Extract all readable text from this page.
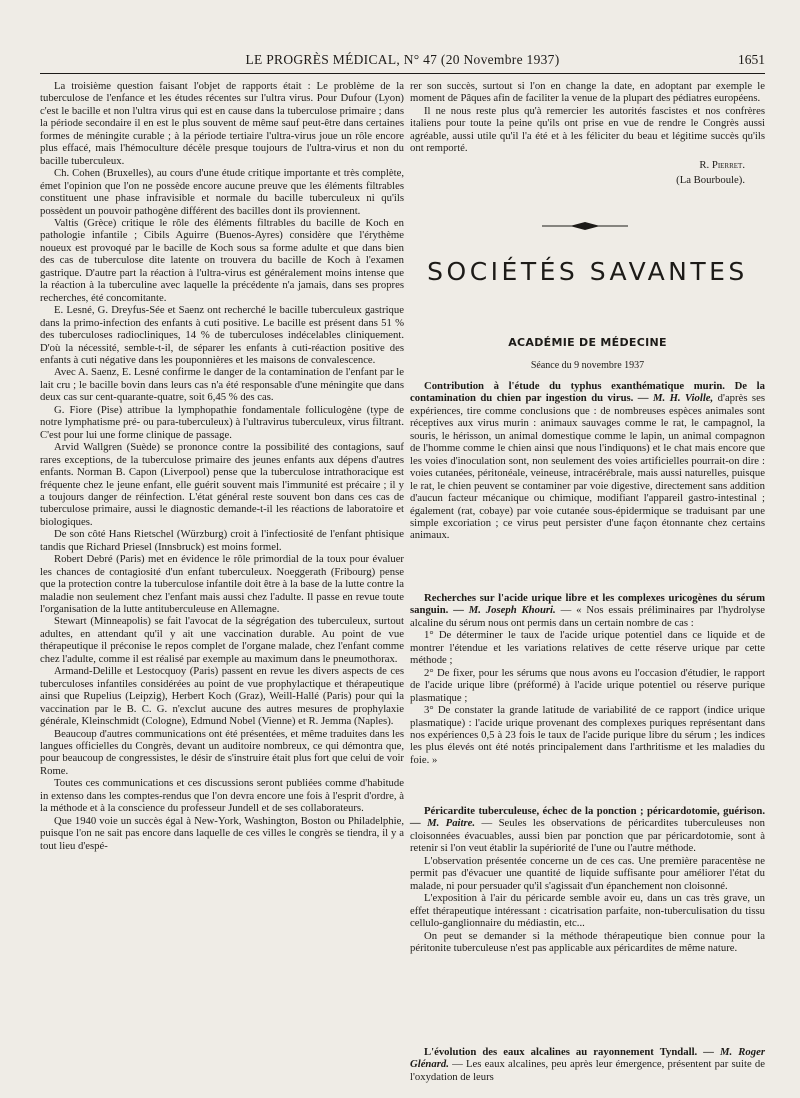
LE PROGRÈS MÉDICAL, N° 47 (20 Novembre 1937)	1651

La troisième question faisant l'objet de rapports était : Le problème de la tuberculose de l'enfance et les études récentes sur l'ultra virus. Pour Dufour (Lyon) c'est le bacille et non l'ultra virus qui est en cause dans la tuberculose primaire ; dans la période secondaire il en est le plus souvent de même sauf peut-être dans certaines formes de méningite curable ; à la période tertiaire l'ultra-virus joue un rôle encore plus effacé, mais l'hémoculture décèle presque toujours de l'ultra-virus et non du bacille tuberculeux.

Ch. Cohen (Bruxelles), au cours d'une étude critique importante et très complète, émet l'opinion que l'on ne possède encore aucune preuve que les éléments filtrables constituent une phase infravisible et normale du bacille tuberculeux ni qu'ils possèdent un pouvoir pathogène différent des bacilles dont ils proviennent.

Valtis (Grèce) critique le rôle des éléments filtrables du bacille de Koch en pathologie infantile ; Cibils Aguirre (Buenos-Ayres) considère que l'érythème noueux est provoqué par le bacille de Koch sous sa forme adulte et que dans bien des cas de tuberculose dite latente on trouvera du bacille de Koch à l'examen gastrique. D'autre part la réaction à l'ultra-virus est généralement moins intense que la réaction à la tuberculine avec laquelle la précédente n'a jamais, dans ses propres recherches, été concomitante.

E. Lesné, G. Dreyfus-Sée et Saenz ont recherché le bacille tuberculeux gastrique dans la primo-infection des enfants à cuti positive. Le bacille est présent dans 51 % des tuberculoses radiocliniques, 14 % de tuberculoses indécelables cliniquement. D'où la nécessité, semble-t-il, de séparer les enfants à cuti-réaction positive des enfants à cuti négative dans les pouponnières et les maisons de convalescence.

Avec A. Saenz, E. Lesné confirme le danger de la contamination de l'enfant par le lait cru ; le bacille bovin dans leurs cas n'a été responsable d'une méningite que dans deux cas sur cent-quarante-quatre, soit 6,45 % des cas.

G. Fiore (Pise) attribue la lymphopathie fondamentale folliculogène (type de notre lymphatisme pré- ou para-tuberculeux) à l'ultravirus tuberculeux, virus filtrant. C'est pour lui une forme clinique de passage.

Arvid Wallgren (Suède) se prononce contre la possibilité des contagions, sauf rares exceptions, de la tuberculose primaire des jeunes enfants aux dépens d'autres enfants. Norman B. Capon (Liverpool) pense que la tuberculose intrathoracique est fréquente chez le jeune enfant, elle guérit souvent mais l'immunité est précaire ; il y a toujours danger de réinfection. L'état général reste souvent bon dans ces cas de tuberculose primaire, aussi le diagnostic demande-t-il les réactions de laboratoire et biologiques.

De son côté Hans Rietschel (Würzburg) croit à l'infectiosité de l'enfant phtisique tandis que Richard Priesel (Innsbruck) est moins formel.

Robert Debré (Paris) met en évidence le rôle primordial de la toux pour évaluer les chances de contagiosité d'un enfant tuberculeux. Noeggerath (Fribourg) pense que la protection contre la tuberculose infantile doit être à la base de la lutte contre la maladie non seulement chez l'enfant mais aussi chez l'adulte. Il passe en revue toute l'organisation de la lutte antituberculeuse en Allemagne.

Stewart (Minneapolis) se fait l'avocat de la ségrégation des tuberculeux, surtout adultes, en attendant qu'il y ait une vaccination durable. Au point de vue thérapeutique il préconise le repos complet de l'organe malade, chez l'enfant comme chez l'adulte, comme il est réalisé par exemple au maximum dans le pneumothorax.

Armand-Delille et Lestocquoy (Paris) passent en revue les divers aspects de ces tuberculoses infantiles considérées au point de vue prophylactique et thérapeutique ainsi que Rupelius (Leipzig), Herbert Koch (Graz), Weill-Hallé (Paris) pour qui la vaccination par le B. C. G. n'exclut aucune des autres mesures de prophylaxie générale, Kleinschmidt (Cologne), Edmund Nobel (Vienne) et R. Jemma (Naples).

Beaucoup d'autres communications ont été présentées, et même traduites dans les langues officielles du Congrès, devant un auditoire nombreux, ce qui démontra que, pour beaucoup de congressistes, le désir de s'instruire était plus fort que celui de voir Rome.

Toutes ces communications et ces discussions seront publiées comme d'habitude in extenso dans les comptes-rendus que l'on devra encore une fois à l'esprit d'ordre, à la méthode et à la conscience du professeur Jundell et de ses collaborateurs.

Que 1940 voie un succès égal à New-York, Washington, Boston ou Philadelphie, puisque l'on ne sait pas encore dans laquelle de ces villes le congrès se tiendra, il y a tout lieu d'espé-

rer son succès, surtout si l'on en change la date, en adoptant par exemple le moment de Pâques afin de faciliter la venue de la plupart des pédiatres européens.

Il ne nous reste plus qu'à remercier les autorités fascistes et nos confrères italiens pour toute la peine qu'ils ont prise en vue de rendre le Congrès aussi agréable, aussi utile qu'il l'a été et à les féliciter du beau et légitime succès qu'ils ont remporté.

R. Pierret.
(La Bourboule).
SOCIÉTÉS SAVANTES
ACADÉMIE DE MÉDECINE
Séance du 9 novembre 1937

Contribution à l'étude du typhus exanthématique murin. De la contamination du chien par ingestion du virus. — M. H. Violle, d'après ses expériences, tire comme conclusions que : de nombreuses espèces animales sont réceptives aux virus murin : animaux sauvages comme le rat, le campagnol, la souris, le hérisson, un animal domestique comme le lapin, un animal compagnon de l'homme comme le chien ainsi que nous l'indiquons) et le chat mais encore que les voies d'inoculation sont, non seulement des voies artificielles pourrait-on dire : voies cutanées, péritonéale, veineuse, intracérébrale, mais aussi naturelles, puisque le rat, le chien peuvent se contaminer par voie digestive, directement sans addition d'aucun facteur mécanique ou chimique, modifiant l'appareil gastro-intestinal ; également (rat, cobaye) par voie cutanée sous-épidermique se traduisant par une simple excoriation ; ce virus peut persister d'une façon étonnante chez certains animaux.

Recherches sur l'acide urique libre et les complexes uricogènes du sérum sanguin. — M. Joseph Khouri. — « Nos essais préliminaires par l'hydrolyse alcaline du sérum nous ont permis dans un certain nombre de cas :

1° De déterminer le taux de l'acide urique potentiel dans ce liquide et de montrer l'étendue et les variations relatives de cette réserve urique par cette méthode ;

2° De fixer, pour les sérums que nous avons eu l'occasion d'étudier, le rapport de l'acide urique libre (préformé) à l'acide urique potentiel ou réserve purique plasmatique ;

3° De constater la grande latitude de variabilité de ce rapport (indice urique plasmatique) : l'acide urique provenant des complexes puriques représentant dans nos expériences 0,5 à 23 fois le taux de l'acide purique libre du sérum ; les indices les plus élevés ont été notés principalement dans l'arthritisme et les maladies du foie. »

Péricardite tuberculeuse, échec de la ponction ; péricardotomie, guérison. — M. Paitre. — Seules les observations de péricardites tuberculeuses non cloisonnées évacuables, aussi bien par ponction que par péricardotomie, sont à retenir si l'on veut établir la supériorité de l'une ou l'autre méthode.

L'observation présentée concerne un de ces cas. Une première paracentèse ne permit pas d'évacuer une quantité de liquide suffisante pour améliorer l'état du malade, ni pour persuader qu'il s'agissait d'un épanchement non cloisonné.

L'exposition à l'air du péricarde semble avoir eu, dans un cas très grave, un effet thérapeutique intéressant : cicatrisation parfaite, non-tuberculisation du tissu cellulo-ganglionnaire du médiastin, etc...

On peut se demander si la méthode thérapeutique bien connue pour la péritonite tuberculeuse n'est pas applicable aux péricardites de même nature.

L'évolution des eaux alcalines au rayonnement Tyndall. — M. Roger Glénard. — Les eaux alcalines, peu après leur émergence, présentent par suite de l'oxydation de leurs
